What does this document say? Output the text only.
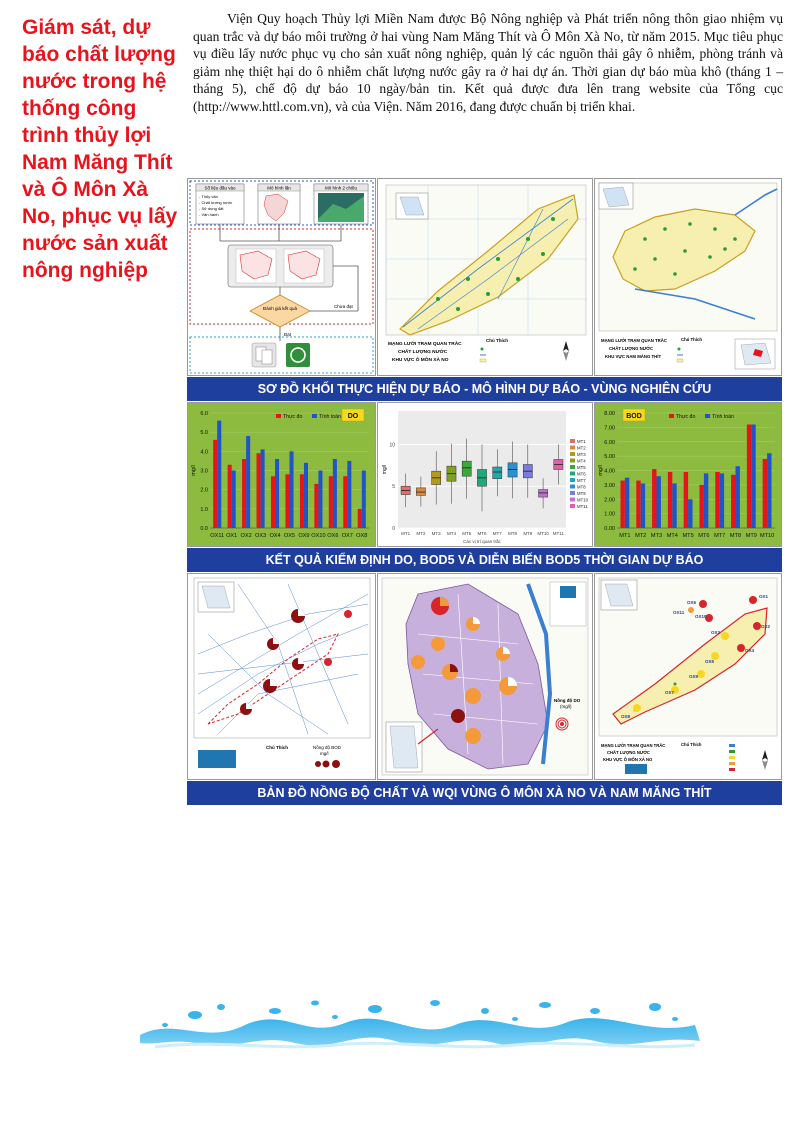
Giám sát, dự báo chất lượng nước trong hệ thống công trình thủy lợi Nam Măng Thít và Ô Môn Xà No, phục vụ lấy nước sản xuất nông nghiệp

Viện Quy hoạch Thủy lợi Miền Nam được Bộ Nông nghiệp và Phát triển nông thôn giao nhiệm vụ quan trắc và dự báo môi trường ở hai vùng Nam Măng Thít và Ô Môn Xà No, từ năm 2015. Mục tiêu phục vụ điều lấy nước phục vụ cho sản xuất nông nghiệp, quản lý các nguồn thải gây ô nhiễm, phòng tránh và giảm nhẹ thiệt hại do ô nhiễm chất lượng nước gây ra ở hai dự án. Thời gian dự báo mùa khô (tháng 1 – tháng 5), chế độ dự báo 10 ngày/bản tin. Kết quả được đưa lên trang website của Tổng cục (http://www.httl.com.vn), và của Viện. Năm 2016, đang được chuẩn bị triển khai.

Số liệu đầu vào
- Thủy văn
- Chất lượng nước
- Sử dụng đất
- Vận hành
Mô hình lấn	Mô hình 2 chiều
Đánh giá kết quả	Chưa đạt
Đạt
MẠNG LƯỚI TRẠM QUAN TRẮC
CHẤT LƯỢNG NƯỚC
KHU VỰC Ô MÔN XÀ NO
Chú Thích	MẠNG LƯỚI TRẠM QUAN TRẮC
CHẤT LƯỢNG NƯỚC
KHU VỰC NAM MĂNG THÍT
Chú Thích
SƠ ĐỒ KHỐI THỰC HIỆN DỰ BÁO - MÔ HÌNH DỰ BÁO - VÙNG NGHIÊN CỨU
0.0
1.0
2.0
3.0
4.0
5.0
6.0
mg/l
OX11 OX1 OX2 OX3 OX4 OX5 OX9 OX10 OX6 OX7 OX8
Thực đo	Tính toán DO
0
5
10
mg/l
Các vị trí quan trắc
MT1
MT1
MT2
MT2
MT3
MT3
MT4
MT4
MT5
MT5
MT6
MT6
MT7
MT7
MT8
MT8
MT9
MT9
MT10
MT10
MT11
MT11
0.00
1.00
2.00
3.00
4.00
5.00
6.00
7.00
8.00
mg/l
MT1 MT2 MT3 MT4 MT5 MT6 MT7 MT8 MT9 MT10
Thực đo	Tính toán
BOD
KẾT QUẢ KIỂM ĐỊNH DO, BOD5 VÀ DIỄN BIẾN BOD5 THỜI GIAN DỰ BÁO
Chú Thích	Nồng độ BOD
mg/l
Nồng độ DO
(mg/l)
OX1
OX2
OX3
OX4
OX5
OX6
OX7
OX8
OX9
OX10
OX11
MẠNG LƯỚI TRẠM QUAN TRẮC
CHẤT LƯỢNG NƯỚC
KHU VỰC Ô MÔN XÀ NO
Chú Thích
BẢN ĐỒ NỒNG ĐỘ CHẤT VÀ WQI VÙNG Ô MÔN XÀ NO VÀ NAM MĂNG THÍT
